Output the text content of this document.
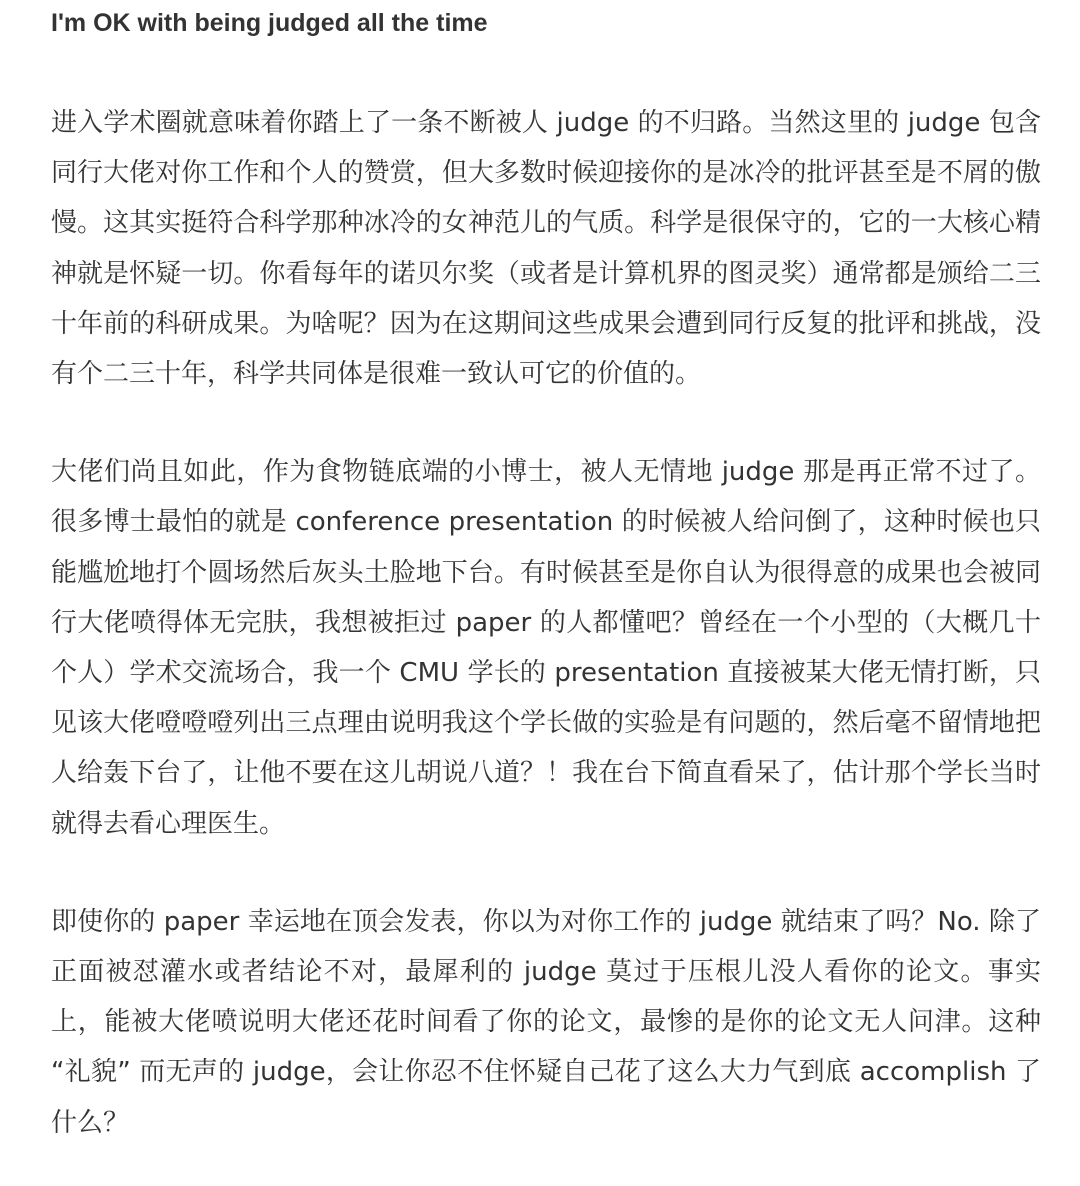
I'm OK with being judged all the time

进入学术圈就意味着你踏上了一条不断被人 judge 的不归路。当然这里的 judge 包含同行大佬对你工作和个人的赞赏，但大多数时候迎接你的是冰冷的批评甚至是不屑的傲慢。这其实挺符合科学那种冰冷的女神范儿的气质。科学是很保守的，它的一大核心精神就是怀疑一切。你看每年的诺贝尔奖（或者是计算机界的图灵奖）通常都是颁给二三十年前的科研成果。为啥呢？因为在这期间这些成果会遭到同行反复的批评和挑战，没有个二三十年，科学共同体是很难一致认可它的价值的。

大佬们尚且如此，作为食物链底端的小博士，被人无情地 judge 那是再正常不过了。很多博士最怕的就是 conference presentation 的时候被人给问倒了，这种时候也只能尴尬地打个圆场然后灰头土脸地下台。有时候甚至是你自认为很得意的成果也会被同行大佬喷得体无完肤，我想被拒过 paper 的人都懂吧？曾经在一个小型的（大概几十个人）学术交流场合，我一个 CMU 学长的 presentation 直接被某大佬无情打断，只见该大佬噔噔噔列出三点理由说明我这个学长做的实验是有问题的，然后毫不留情地把人给轰下台了，让他不要在这儿胡说八道？！我在台下简直看呆了，估计那个学长当时就得去看心理医生。

即使你的 paper 幸运地在顶会发表，你以为对你工作的 judge 就结束了吗？No. 除了正面被怼灌水或者结论不对，最犀利的 judge 莫过于压根儿没人看你的论文。事实上，能被大佬喷说明大佬还花时间看了你的论文，最惨的是你的论文无人问津。这种 “礼貌” 而无声的 judge，会让你忍不住怀疑自己花了这么大力气到底 accomplish 了什么？
